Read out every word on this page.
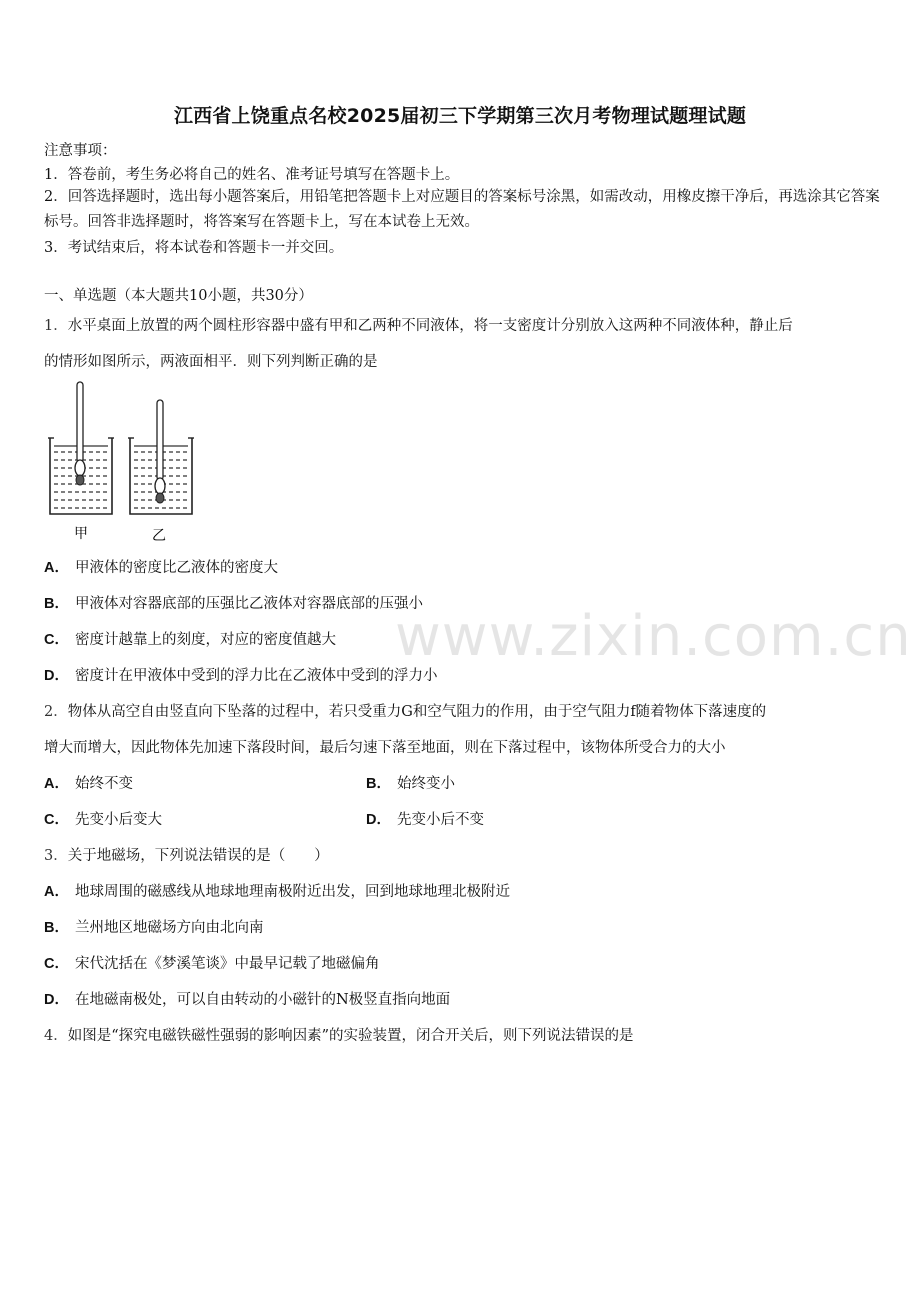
江西省上饶重点名校2025届初三下学期第三次月考物理试题理试题
注意事项：
1．答卷前，考生务必将自己的姓名、准考证号填写在答题卡上。
2．回答选择题时，选出每小题答案后，用铅笔把答题卡上对应题目的答案标号涂黑，如需改动，用橡皮擦干净后，再选涂其它答案标号。回答非选择题时，将答案写在答题卡上，写在本试卷上无效。
3．考试结束后，将本试卷和答题卡一并交回。
一、单选题（本大题共10小题，共30分）
1．水平桌面上放置的两个圆柱形容器中盛有甲和乙两种不同液体，将一支密度计分别放入这两种不同液体种，静止后
的情形如图所示，两液面相平．则下列判断正确的是
甲	乙
A． 甲液体的密度比乙液体的密度大
B． 甲液体对容器底部的压强比乙液体对容器底部的压强小
C． 密度计越靠上的刻度，对应的密度值越大
D． 密度计在甲液体中受到的浮力比在乙液体中受到的浮力小
www.zixin.com.cn
2．物体从高空自由竖直向下坠落的过程中，若只受重力G和空气阻力的作用，由于空气阻力f随着物体下落速度的
增大而增大，因此物体先加速下落段时间，最后匀速下落至地面，则在下落过程中，该物体所受合力的大小
A． 始终不变	B． 始终变小
C． 先变小后变大	D． 先变小后不变
3．关于地磁场，下列说法错误的是（　　）
A． 地球周围的磁感线从地球地理南极附近出发，回到地球地理北极附近
B． 兰州地区地磁场方向由北向南
C． 宋代沈括在《梦溪笔谈》中最早记载了地磁偏角
D． 在地磁南极处，可以自由转动的小磁针的N极竖直指向地面
4．如图是“探究电磁铁磁性强弱的影响因素”的实验装置，闭合开关后，则下列说法错误的是
